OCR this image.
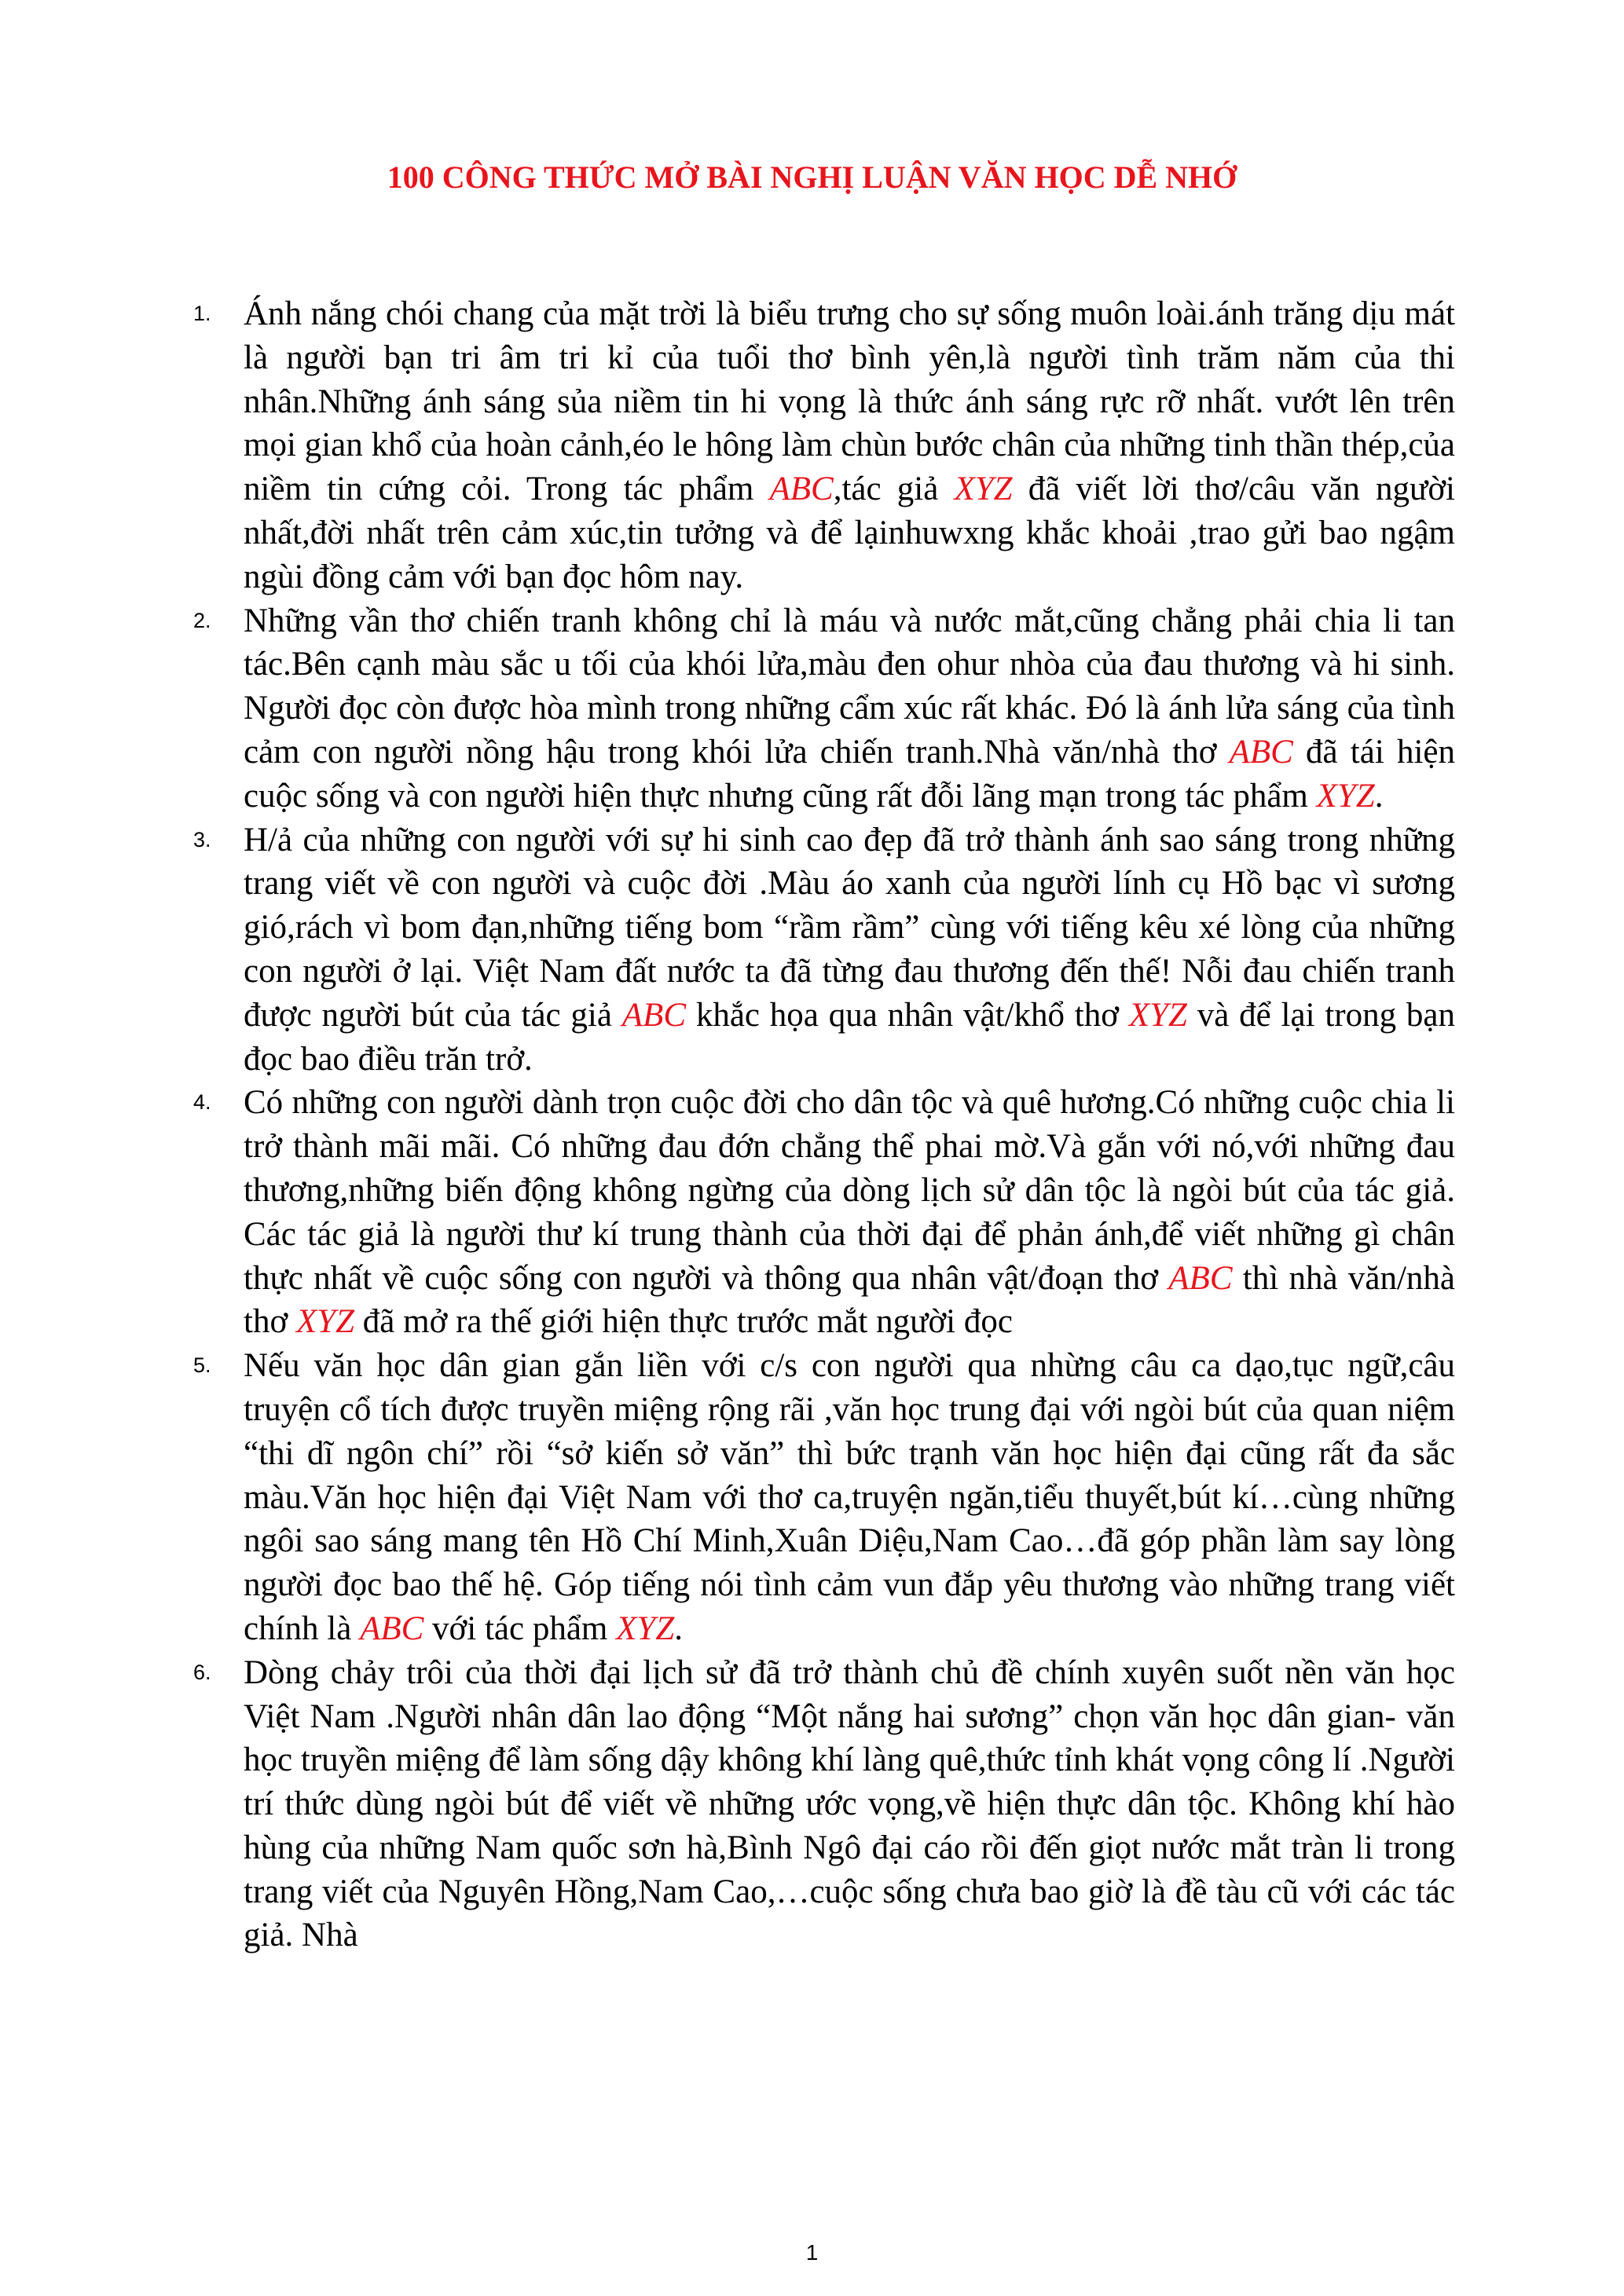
100 CÔNG THỨC MỞ BÀI NGHỊ LUẬN VĂN HỌC DỄ NHỚ
1. Ánh nắng chói chang của mặt trời là biểu trưng cho sự sống muôn loài.ánh trăng dịu mát là người bạn tri âm tri kỉ của tuổi thơ bình yên,là người tình trăm năm của thi nhân.Những ánh sáng sủa niềm tin hi vọng là thức ánh sáng rực rỡ nhất. vướt lên trên mọi gian khổ của hoàn cảnh,éo le hông làm chùn bước chân của những tinh thần thép,của niềm tin cứng cỏi. Trong tác phẩm ABC,tác giả XYZ đã viết lời thơ/câu văn người nhất,đời nhất trên cảm xúc,tin tưởng và để lạinhuwxng khắc khoải ,trao gửi bao ngậm ngùi đồng cảm với bạn đọc hôm nay.
2. Những vần thơ chiến tranh không chỉ là máu và nước mắt,cũng chẳng phải chia li tan tác.Bên cạnh màu sắc u tối của khói lửa,màu đen ohur nhòa của đau thương và hi sinh. Người đọc còn được hòa mình trong những cẩm xúc rất khác. Đó là ánh lửa sáng của tình cảm con người nồng hậu trong khói lửa chiến tranh.Nhà văn/nhà thơ ABC đã tái hiện cuộc sống và con người hiện thực nhưng cũng rất đỗi lãng mạn trong tác phẩm XYZ.
3. H/ả của những con người với sự hi sinh cao đẹp đã trở thành ánh sao sáng trong những trang viết về con người và cuộc đời .Màu áo xanh của người lính cụ Hồ bạc vì sương gió,rách vì bom đạn,những tiếng bom “rầm rầm” cùng với tiếng kêu xé lòng của những con người ở lại. Việt Nam đất nước ta đã từng đau thương đến thế! Nỗi đau chiến tranh được người bút của tác giả ABC khắc họa qua nhân vật/khổ thơ XYZ và để lại trong bạn đọc bao điều trăn trở.
4. Có những con người dành trọn cuộc đời cho dân tộc và quê hương.Có những cuộc chia li trở thành mãi mãi. Có những đau đớn chẳng thể phai mờ.Và gắn với nó,với những đau thương,những biến động không ngừng của dòng lịch sử dân tộc là ngòi bút của tác giả. Các tác giả là người thư kí trung thành của thời đại để phản ánh,để viết những gì chân thực nhất về cuộc sống con người và thông qua nhân vật/đoạn thơ ABC thì nhà văn/nhà thơ XYZ đã mở ra thế giới hiện thực trước mắt người đọc
5. Nếu văn học dân gian gắn liền với c/s con người qua nhừng câu ca dạo,tục ngữ,câu truyện cổ tích được truyền miệng rộng rãi ,văn học trung đại với ngòi bút của quan niệm “thi dĩ ngôn chí” rồi “sở kiến sở văn” thì bức trạnh văn học hiện đại cũng rất đa sắc màu.Văn học hiện đại Việt Nam với thơ ca,truyện ngăn,tiểu thuyết,bút kí…cùng những ngôi sao sáng mang tên Hồ Chí Minh,Xuân Diệu,Nam Cao…đã góp phần làm say lòng người đọc bao thế hệ. Góp tiếng nói tình cảm vun đắp yêu thương vào những trang viết chính là ABC với tác phẩm XYZ.
6. Dòng chảy trôi của thời đại lịch sử đã trở thành chủ đề chính xuyên suốt nền văn học Việt Nam .Người nhân dân lao động “Một nắng hai sương” chọn văn học dân gian- văn học truyền miệng để làm sống dậy không khí làng quê,thức tỉnh khát vọng công lí .Người trí thức dùng ngòi bút để viết về những ước vọng,về hiện thực dân tộc. Không khí hào hùng của những Nam quốc sơn hà,Bình Ngô đại cáo rồi đến giọt nước mắt tràn li trong trang viết của Nguyên Hồng,Nam Cao,…cuộc sống chưa bao giờ là đề tàu cũ với các tác giả. Nhà
1
